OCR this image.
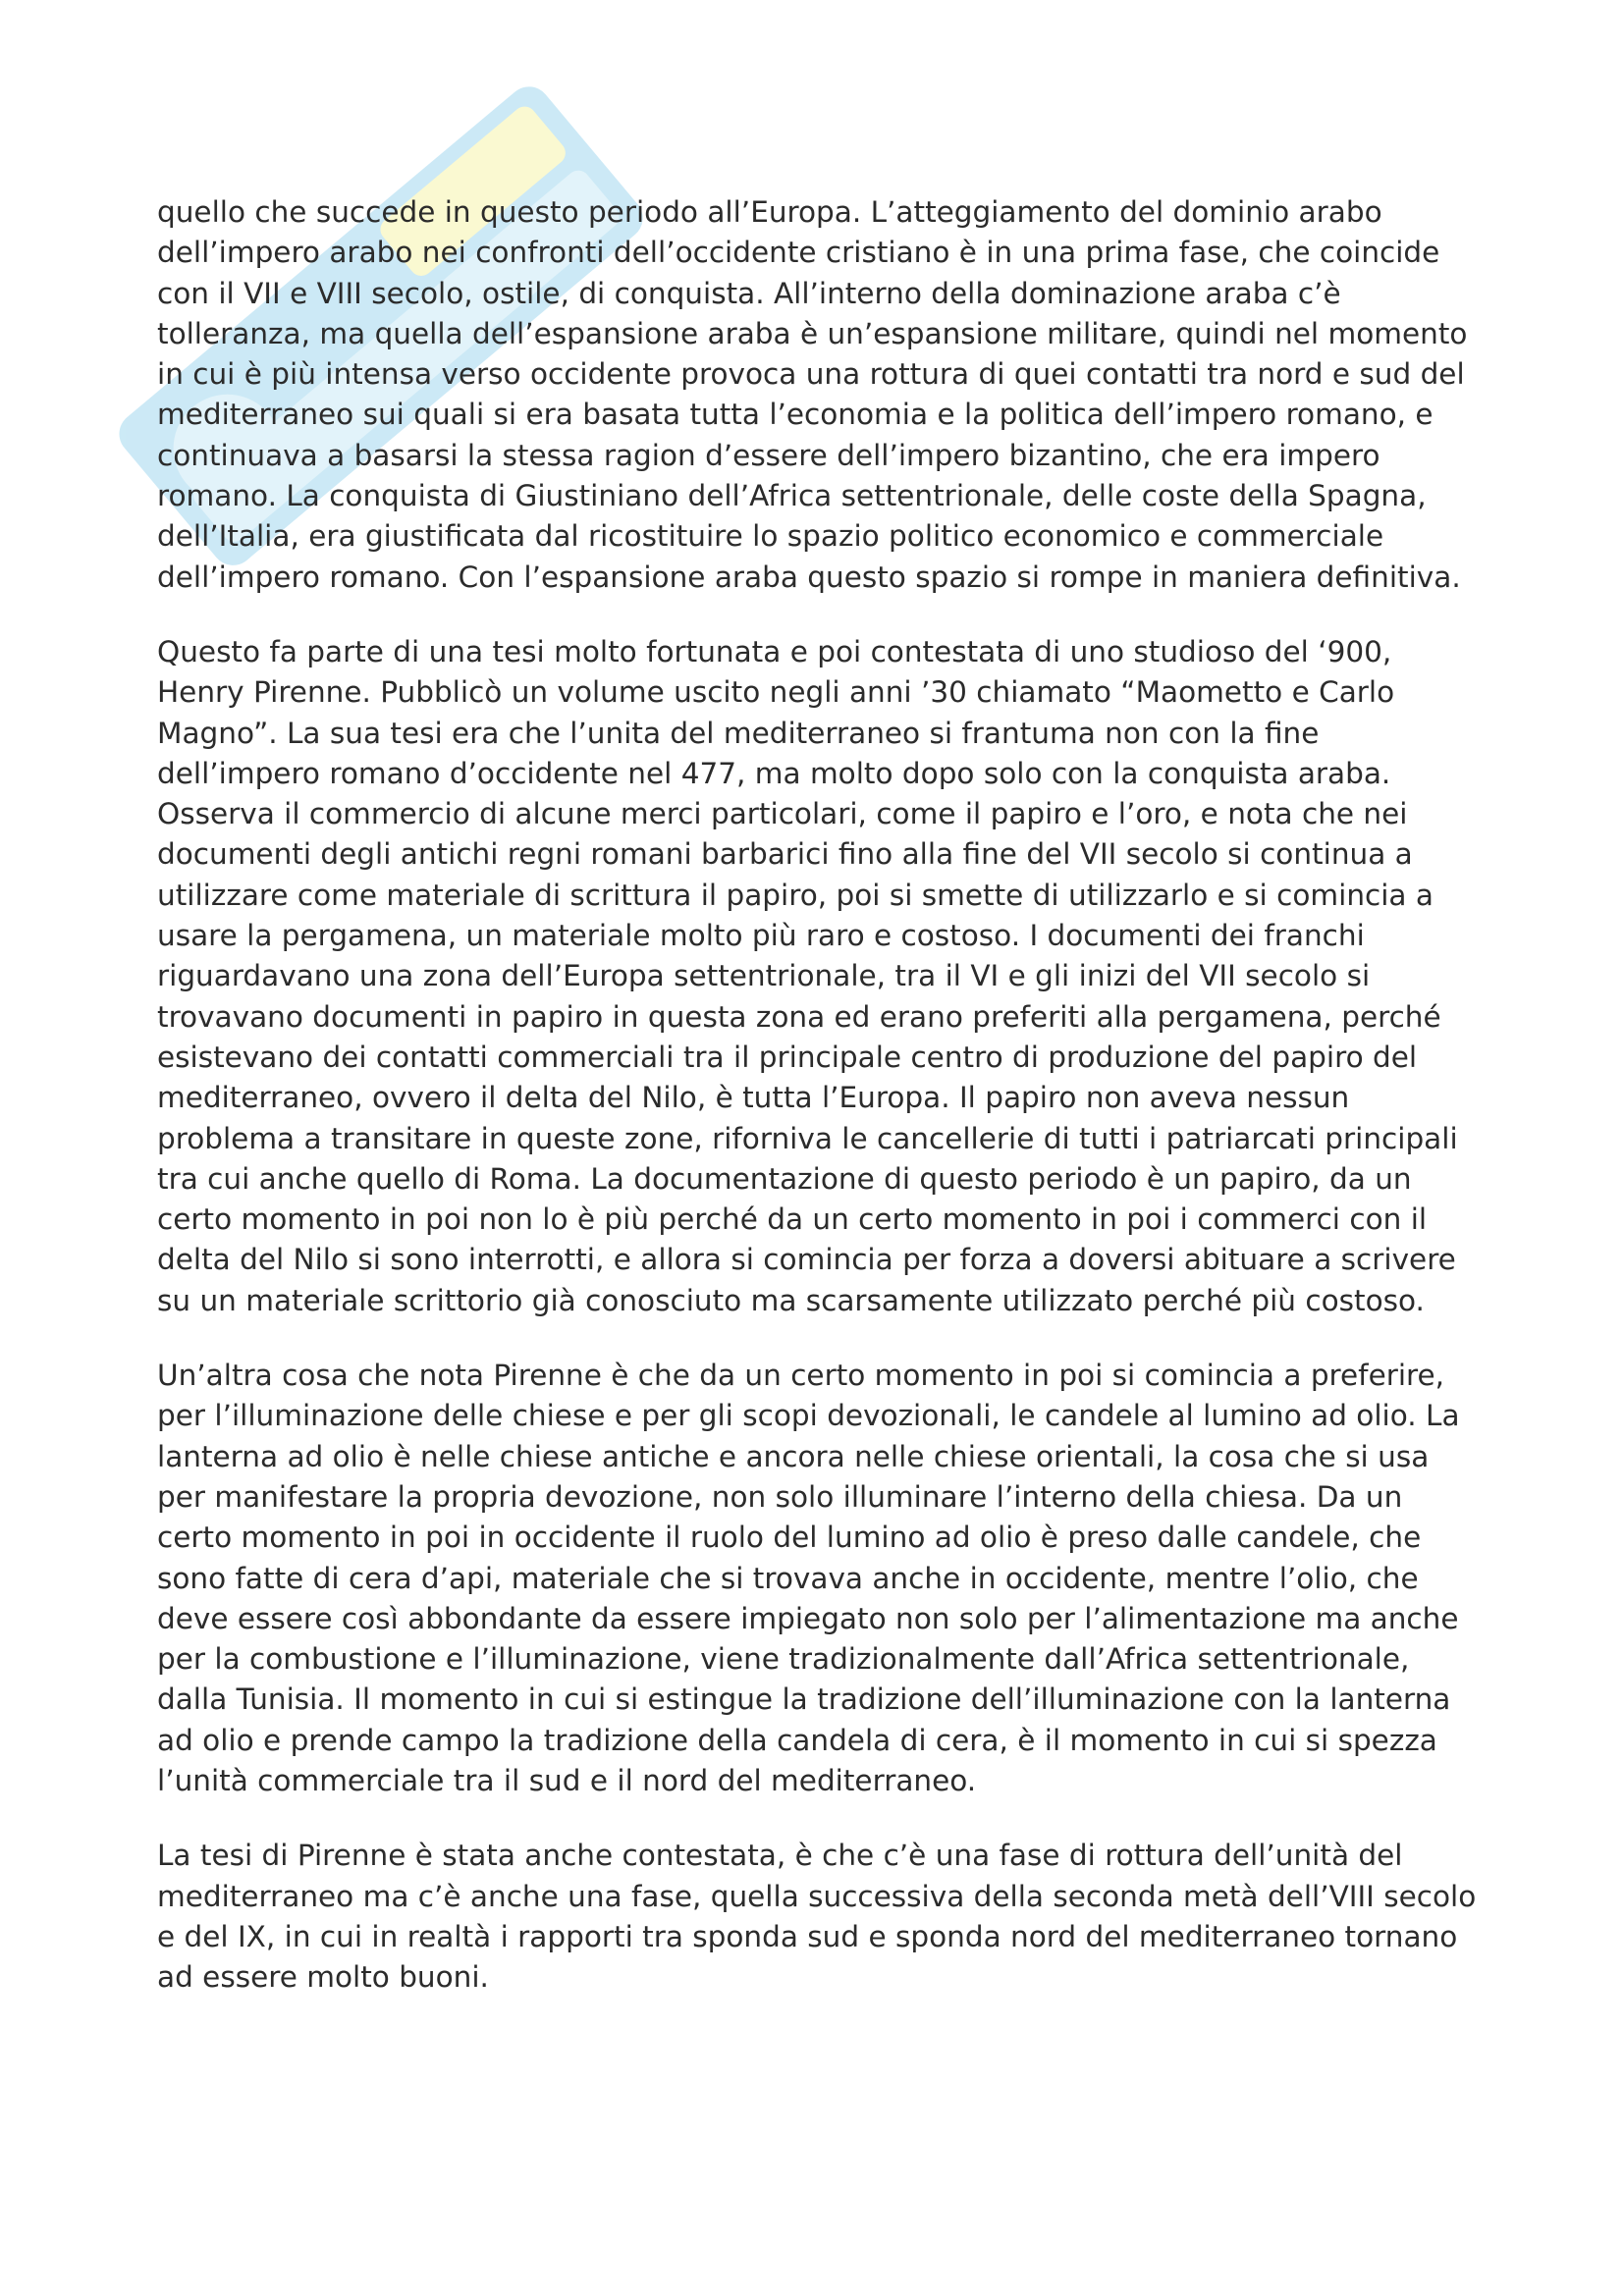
quello che succede in questo periodo all’Europa. L’atteggiamento del dominio arabo dell’impero arabo nei confronti dell’occidente cristiano è in una prima fase, che coincide con il VII e VIII secolo, ostile, di conquista. All’interno della dominazione araba c’è tolleranza, ma quella dell’espansione araba è un’espansione militare, quindi nel momento in cui è più intensa verso occidente provoca una rottura di quei contatti tra nord e sud del mediterraneo sui quali si era basata tutta l’economia e la politica dell’impero romano, e continuava a basarsi la stessa ragion d’essere dell’impero bizantino, che era impero romano. La conquista di Giustiniano dell’Africa settentrionale, delle coste della Spagna, dell’Italia, era giustificata dal ricostituire lo spazio politico economico e commerciale dell’impero romano. Con l’espansione araba questo spazio si rompe in maniera definitiva.

Questo fa parte di una tesi molto fortunata e poi contestata di uno studioso del ‘900, Henry Pirenne. Pubblicò un volume uscito negli anni ’30 chiamato “Maometto e Carlo Magno”. La sua tesi era che l’unita del mediterraneo si frantuma non con la fine dell’impero romano d’occidente nel 477, ma molto dopo solo con la conquista araba. Osserva il commercio di alcune merci particolari, come il papiro e l’oro, e nota che nei documenti degli antichi regni romani barbarici fino alla fine del VII secolo si continua a utilizzare come materiale di scrittura il papiro, poi si smette di utilizzarlo e si comincia a usare la pergamena, un materiale molto più raro e costoso. I documenti dei franchi riguardavano una zona dell’Europa settentrionale, tra il VI e gli inizi del VII secolo si trovavano documenti in papiro in questa zona ed erano preferiti alla pergamena, perché esistevano dei contatti commerciali tra il principale centro di produzione del papiro del mediterraneo, ovvero il delta del Nilo, è tutta l’Europa. Il papiro non aveva nessun problema a transitare in queste zone, riforniva le cancellerie di tutti i patriarcati principali tra cui anche quello di Roma. La documentazione di questo periodo è un papiro, da un certo momento in poi non lo è più perché da un certo momento in poi i commerci con il delta del Nilo si sono interrotti, e allora si comincia per forza a doversi abituare a scrivere su un materiale scrittorio già conosciuto ma scarsamente utilizzato perché più costoso.

Un’altra cosa che nota Pirenne è che da un certo momento in poi si comincia a preferire, per l’illuminazione delle chiese e per gli scopi devozionali, le candele al lumino ad olio. La lanterna ad olio è nelle chiese antiche e ancora nelle chiese orientali, la cosa che si usa per manifestare la propria devozione, non solo illuminare l’interno della chiesa. Da un certo momento in poi in occidente il ruolo del lumino ad olio è preso dalle candele, che sono fatte di cera d’api, materiale che si trovava anche in occidente, mentre l’olio, che deve essere così abbondante da essere impiegato non solo per l’alimentazione ma anche per la combustione e l’illuminazione, viene tradizionalmente dall’Africa settentrionale, dalla Tunisia. Il momento in cui si estingue la tradizione dell’illuminazione con la lanterna ad olio e prende campo la tradizione della candela di cera, è il momento in cui si spezza l’unità commerciale tra il sud e il nord del mediterraneo.

La tesi di Pirenne è stata anche contestata, è che c’è una fase di rottura dell’unità del mediterraneo ma c’è anche una fase, quella successiva della seconda metà dell’VIII secolo e del IX, in cui in realtà i rapporti tra sponda sud e sponda nord del mediterraneo tornano ad essere molto buoni.
